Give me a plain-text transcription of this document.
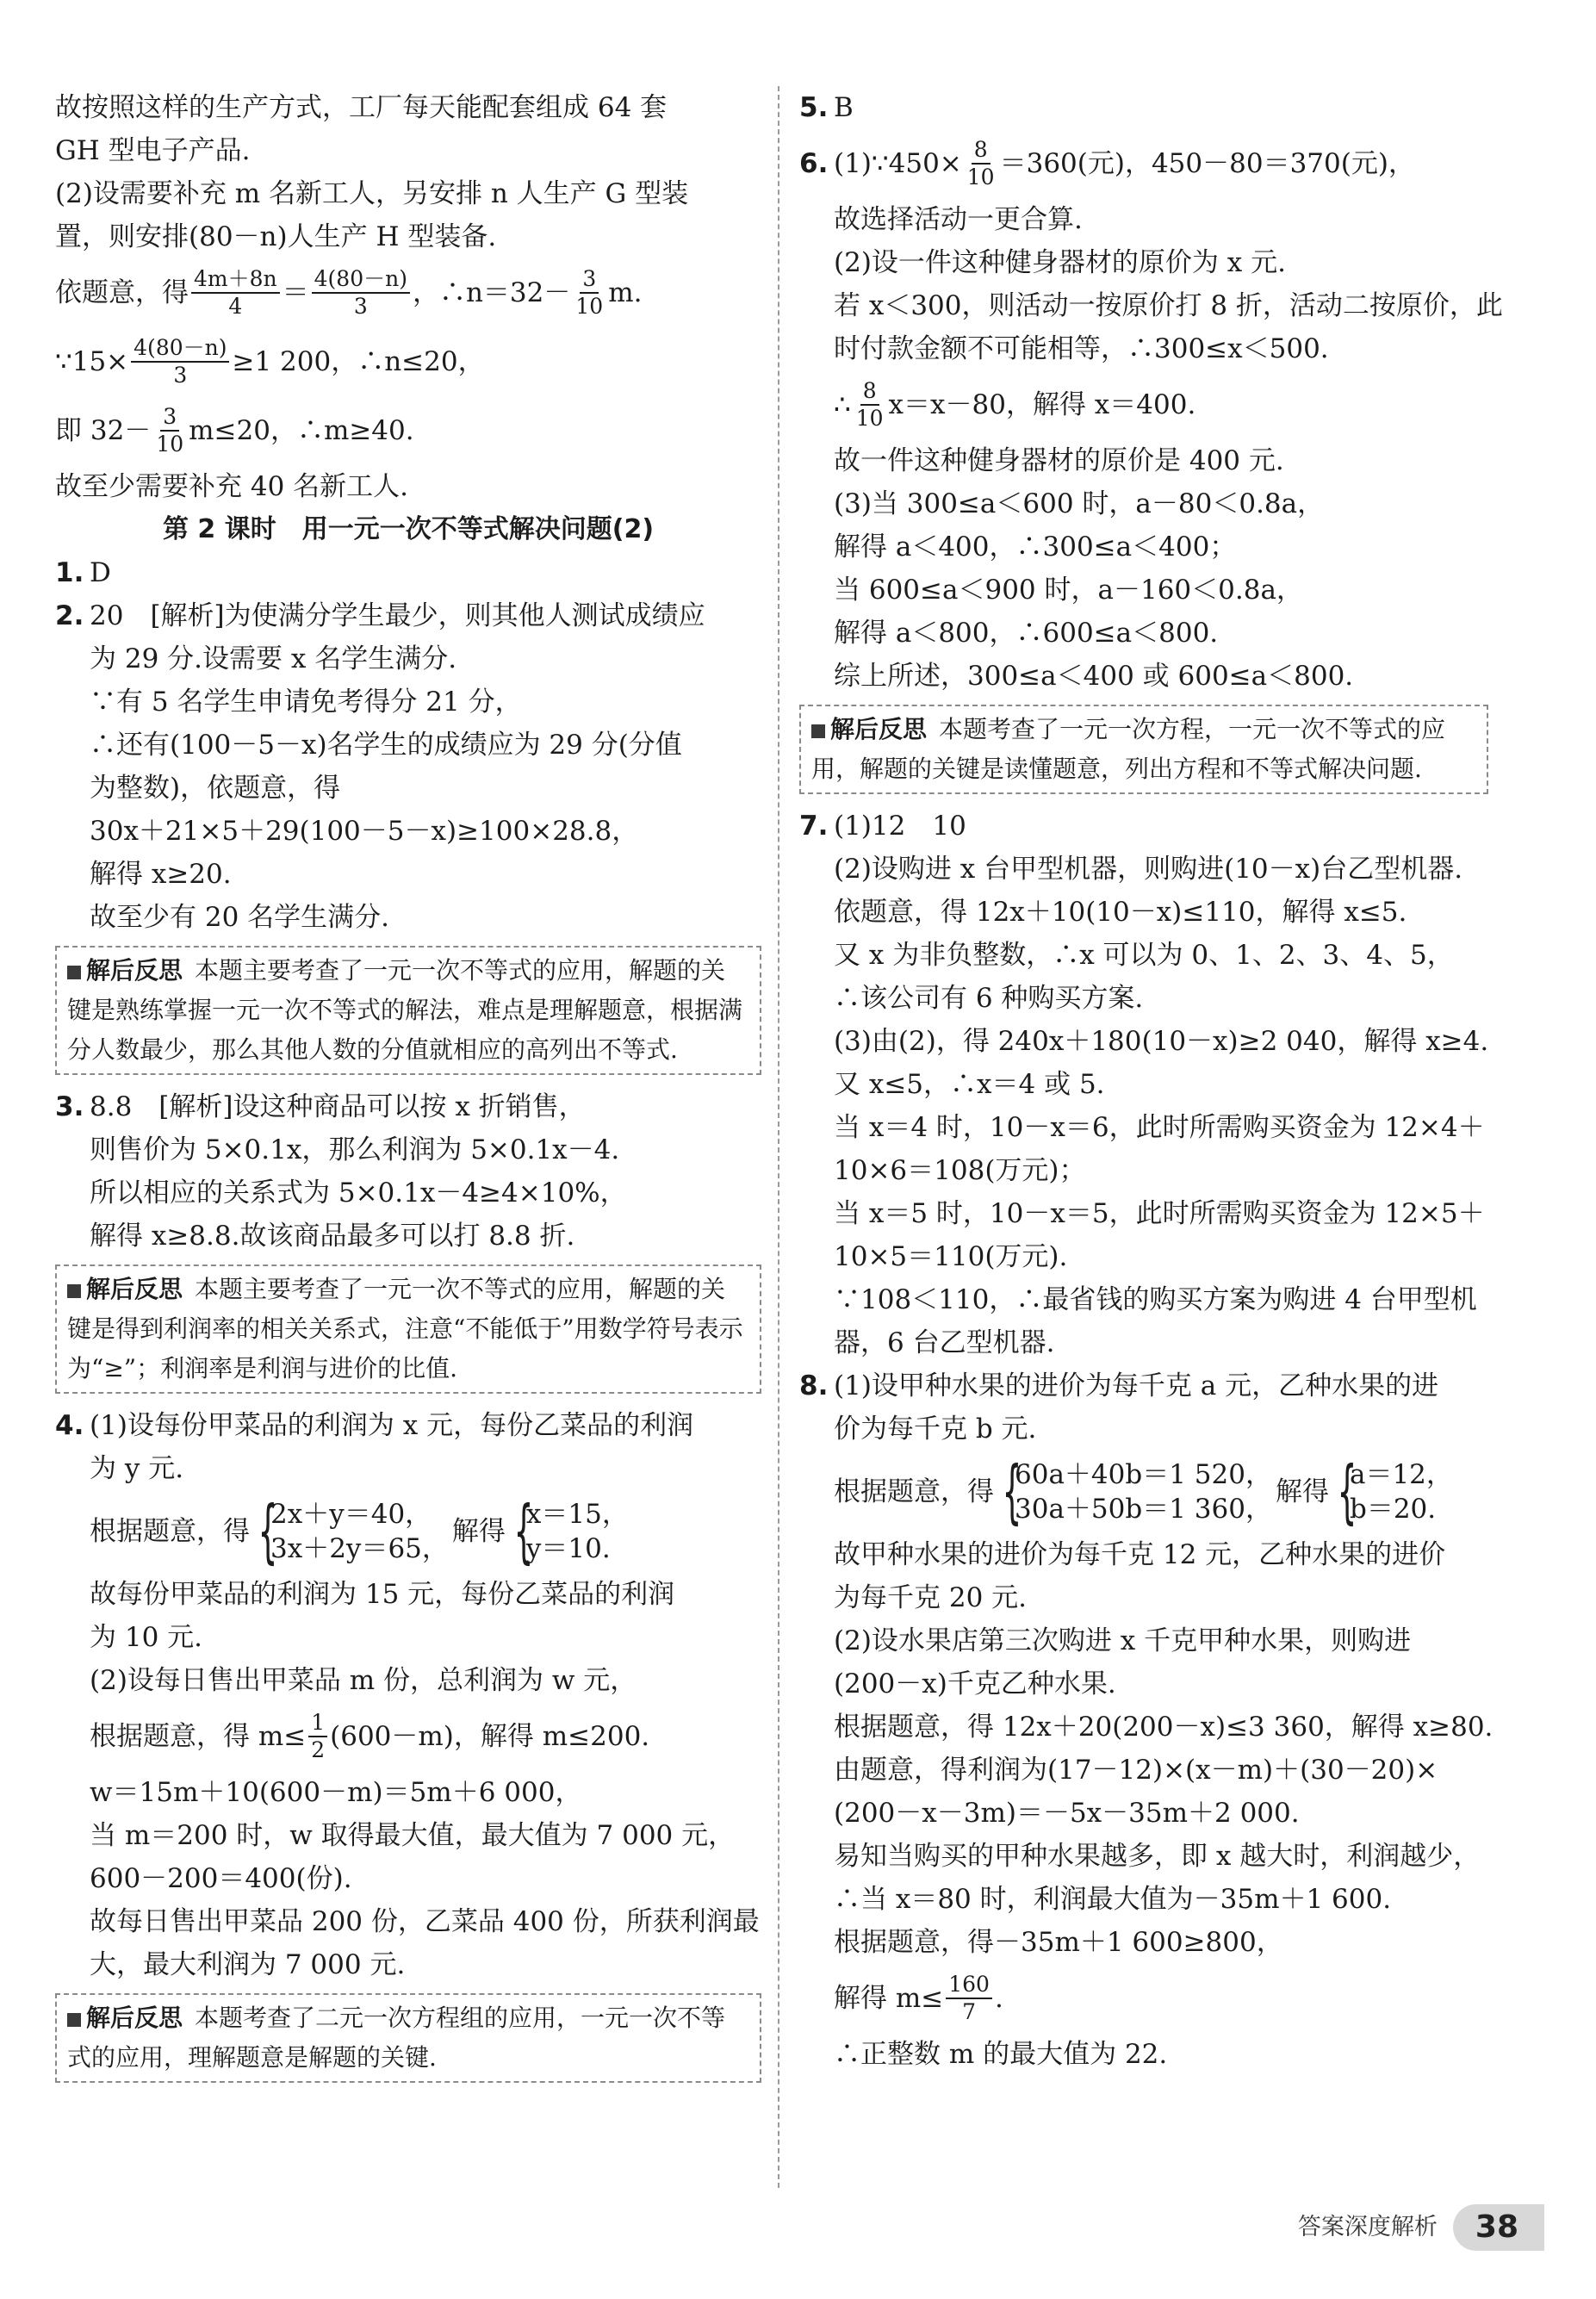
故按照这样的生产方式，工厂每天能配套组成 64 套
GH 型电子产品.
(2)设需要补充 m 名新工人，另安排 n 人生产 G 型装
置，则安排(80－n)人生产 H 型装备.
依题意，得 $\frac{4m+8n}{4} = \frac{4(80-n)}{3}$ ，∴n＝32－ $\frac{3}{10} m$.
∵15× $\frac{4(80-n)}{3} \ge 1$ 200，∴n≤20，
即 $32- \frac{3}{10} m\le 20$，∴m≥40.
故至少需要补充 40 名新工人.
第 2 课时　用一元一次不等式解决问题(2)
1. D
2. 20　[解析]为使满分学生最少，则其他人测试成绩应
为 29 分.设需要 x 名学生满分.
∵有 5 名学生申请免考得分 21 分，
∴还有(100－5－x)名学生的成绩应为 29 分(分值
为整数)，依题意，得
30x＋21×5＋29(100－5－x)≥100×28.8，
解得 x≥20.
故至少有 20 名学生满分.
解后反思 本题主要考查了一元一次不等式的应用，解题的关键是熟练掌握一元一次不等式的解法，难点是理解题意，根据满分人数最少，那么其他人数的分值就相应的高列出不等式.
3. 8.8　[解析]设这种商品可以按 x 折销售，
则售价为 5×0.1x，那么利润为 5×0.1x－4.
所以相应的关系式为 5×0.1x－4≥4×10%，
解得 x≥8.8.故该商品最多可以打 8.8 折.
解后反思 本题主要考查了一元一次不等式的应用，解题的关键是得到利润率的相关关系式，注意“不能低于”用数学符号表示为“≥”；利润率是利润与进价的比值.
4. (1)设每份甲菜品的利润为 x 元，每份乙菜品的利润
为 y 元.
根据题意，得 {
2x＋y＝40，
3x＋2y＝65，
解得 {
x＝15，
y＝10.
故每份甲菜品的利润为 15 元，每份乙菜品的利润
为 10 元.
(2)设每日售出甲菜品 m 份，总利润为 w 元，
根据题意，得 $m\le \frac{1}{2} (600-m)$，解得 m≤200.
w＝15m＋10(600－m)＝5m＋6 000，
当 m＝200 时，w 取得最大值，最大值为 7 000 元，
600－200＝400(份).
故每日售出甲菜品 200 份，乙菜品 400 份，所获利润最
大，最大利润为 7 000 元.
解后反思 本题考查了二元一次方程组的应用，一元一次不等式的应用，理解题意是解题的关键.
5. B
6. (1)∵450× $\frac{8}{10} =360$(元)，450－80＝370(元)，
故选择活动一更合算.
(2)设一件这种健身器材的原价为 x 元.
若 x＜300，则活动一按原价打 8 折，活动二按原价，此
时付款金额不可能相等，∴300≤x＜500.
∴ $\frac{8}{10} x=x-80$，解得 x＝400.
故一件这种健身器材的原价是 400 元.
(3)当 300≤a＜600 时，a－80＜0.8a，
解得 a＜400，∴300≤a＜400；
当 600≤a＜900 时，a－160＜0.8a，
解得 a＜800，∴600≤a＜800.
综上所述，300≤a＜400 或 600≤a＜800.
解后反思 本题考查了一元一次方程，一元一次不等式的应用，解题的关键是读懂题意，列出方程和不等式解决问题.
7. (1)12　10
(2)设购进 x 台甲型机器，则购进(10－x)台乙型机器.
依题意，得 12x＋10(10－x)≤110，解得 x≤5.
又 x 为非负整数，∴x 可以为 0、1、2、3、4、5，
∴该公司有 6 种购买方案.
(3)由(2)，得 240x＋180(10－x)≥2 040，解得 x≥4.
又 x≤5，∴x＝4 或 5.
当 x＝4 时，10－x＝6，此时所需购买资金为 12×4＋
10×6＝108(万元)；
当 x＝5 时，10－x＝5，此时所需购买资金为 12×5＋
10×5＝110(万元).
∵108＜110，∴最省钱的购买方案为购进 4 台甲型机
器，6 台乙型机器.
8. (1)设甲种水果的进价为每千克 a 元，乙种水果的进
价为每千克 b 元.
根据题意，得 {
60a＋40b＝1 520，
30a＋50b＝1 360，
解得 {
a＝12，
b＝20.
故甲种水果的进价为每千克 12 元，乙种水果的进价
为每千克 20 元.
(2)设水果店第三次购进 x 千克甲种水果，则购进
(200－x)千克乙种水果.
根据题意，得 12x＋20(200－x)≤3 360，解得 x≥80.
由题意，得利润为(17－12)×(x－m)＋(30－20)×
(200－x－3m)＝－5x－35m＋2 000.
易知当购买的甲种水果越多，即 x 越大时，利润越少，
∴当 x＝80 时，利润最大值为－35m＋1 600.
根据题意，得－35m＋1 600≥800，
解得 $m\le \frac{160}{7}$ .
∴正整数 m 的最大值为 22.
答案深度解析	38
